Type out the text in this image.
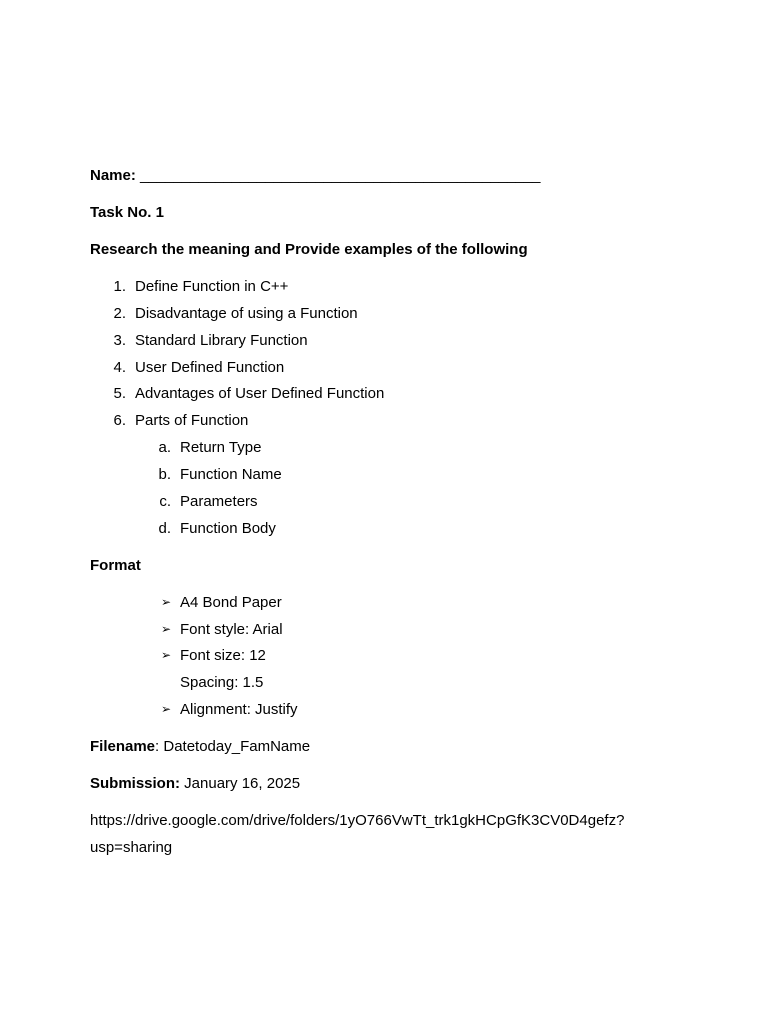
Name: ________________________________________________
Task No. 1
Research the meaning and Provide examples of the following
1. Define Function in C++
2. Disadvantage of using a Function
3. Standard Library Function
4. User Defined Function
5. Advantages of User Defined Function
6. Parts of Function
a. Return Type
b. Function Name
c. Parameters
d. Function Body
Format
➢ A4 Bond Paper
➢ Font style: Arial
➢ Font size: 12
Spacing: 1.5
➢ Alignment: Justify
Filename: Datetoday_FamName
Submission: January 16, 2025
https://drive.google.com/drive/folders/1yO766VwTt_trk1gkHCpGfK3CV0D4gefz?
usp=sharing
